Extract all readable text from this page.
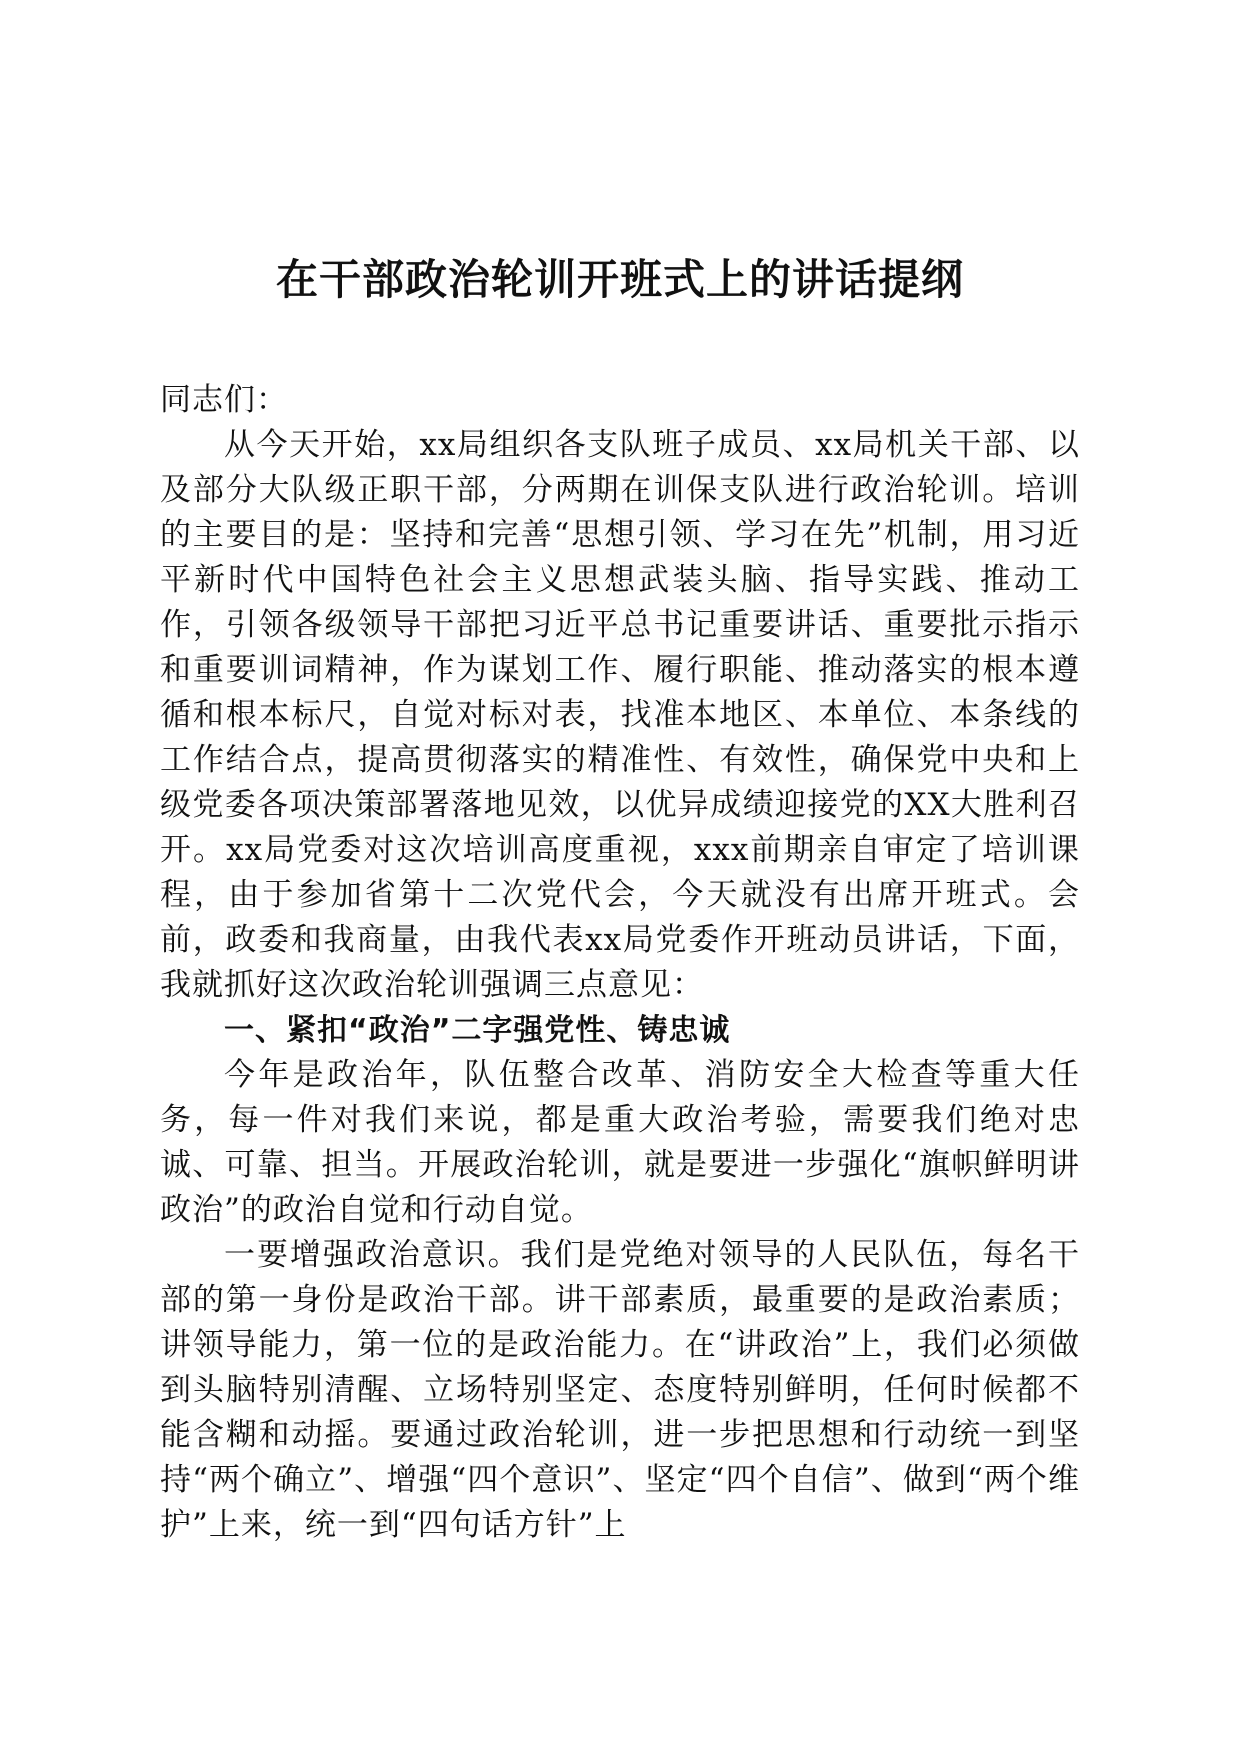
在干部政治轮训开班式上的讲话提纲

同志们：

从今天开始，xx局组织各支队班子成员、xx局机关干部、以及部分大队级正职干部，分两期在训保支队进行政治轮训。培训的主要目的是：坚持和完善“思想引领、学习在先”机制，用习近平新时代中国特色社会主义思想武装头脑、指导实践、推动工作，引领各级领导干部把习近平总书记重要讲话、重要批示指示和重要训词精神，作为谋划工作、履行职能、推动落实的根本遵循和根本标尺，自觉对标对表，找准本地区、本单位、本条线的工作结合点，提高贯彻落实的精准性、有效性，确保党中央和上级党委各项决策部署落地见效，以优异成绩迎接党的XX大胜利召开。xx局党委对这次培训高度重视，xxx前期亲自审定了培训课程，由于参加省第十二次党代会，今天就没有出席开班式。会前，政委和我商量，由我代表xx局党委作开班动员讲话，下面，我就抓好这次政治轮训强调三点意见：

一、紧扣“政治”二字强党性、铸忠诚

今年是政治年，队伍整合改革、消防安全大检查等重大任务，每一件对我们来说，都是重大政治考验，需要我们绝对忠诚、可靠、担当。开展政治轮训，就是要进一步强化“旗帜鲜明讲政治”的政治自觉和行动自觉。

一要增强政治意识。我们是党绝对领导的人民队伍，每名干部的第一身份是政治干部。讲干部素质，最重要的是政治素质；讲领导能力，第一位的是政治能力。在“讲政治”上，我们必须做到头脑特别清醒、立场特别坚定、态度特别鲜明，任何时候都不能含糊和动摇。要通过政治轮训，进一步把思想和行动统一到坚持“两个确立”、增强“四个意识”、坚定“四个自信”、做到“两个维护”上来，统一到“四句话方针”上
